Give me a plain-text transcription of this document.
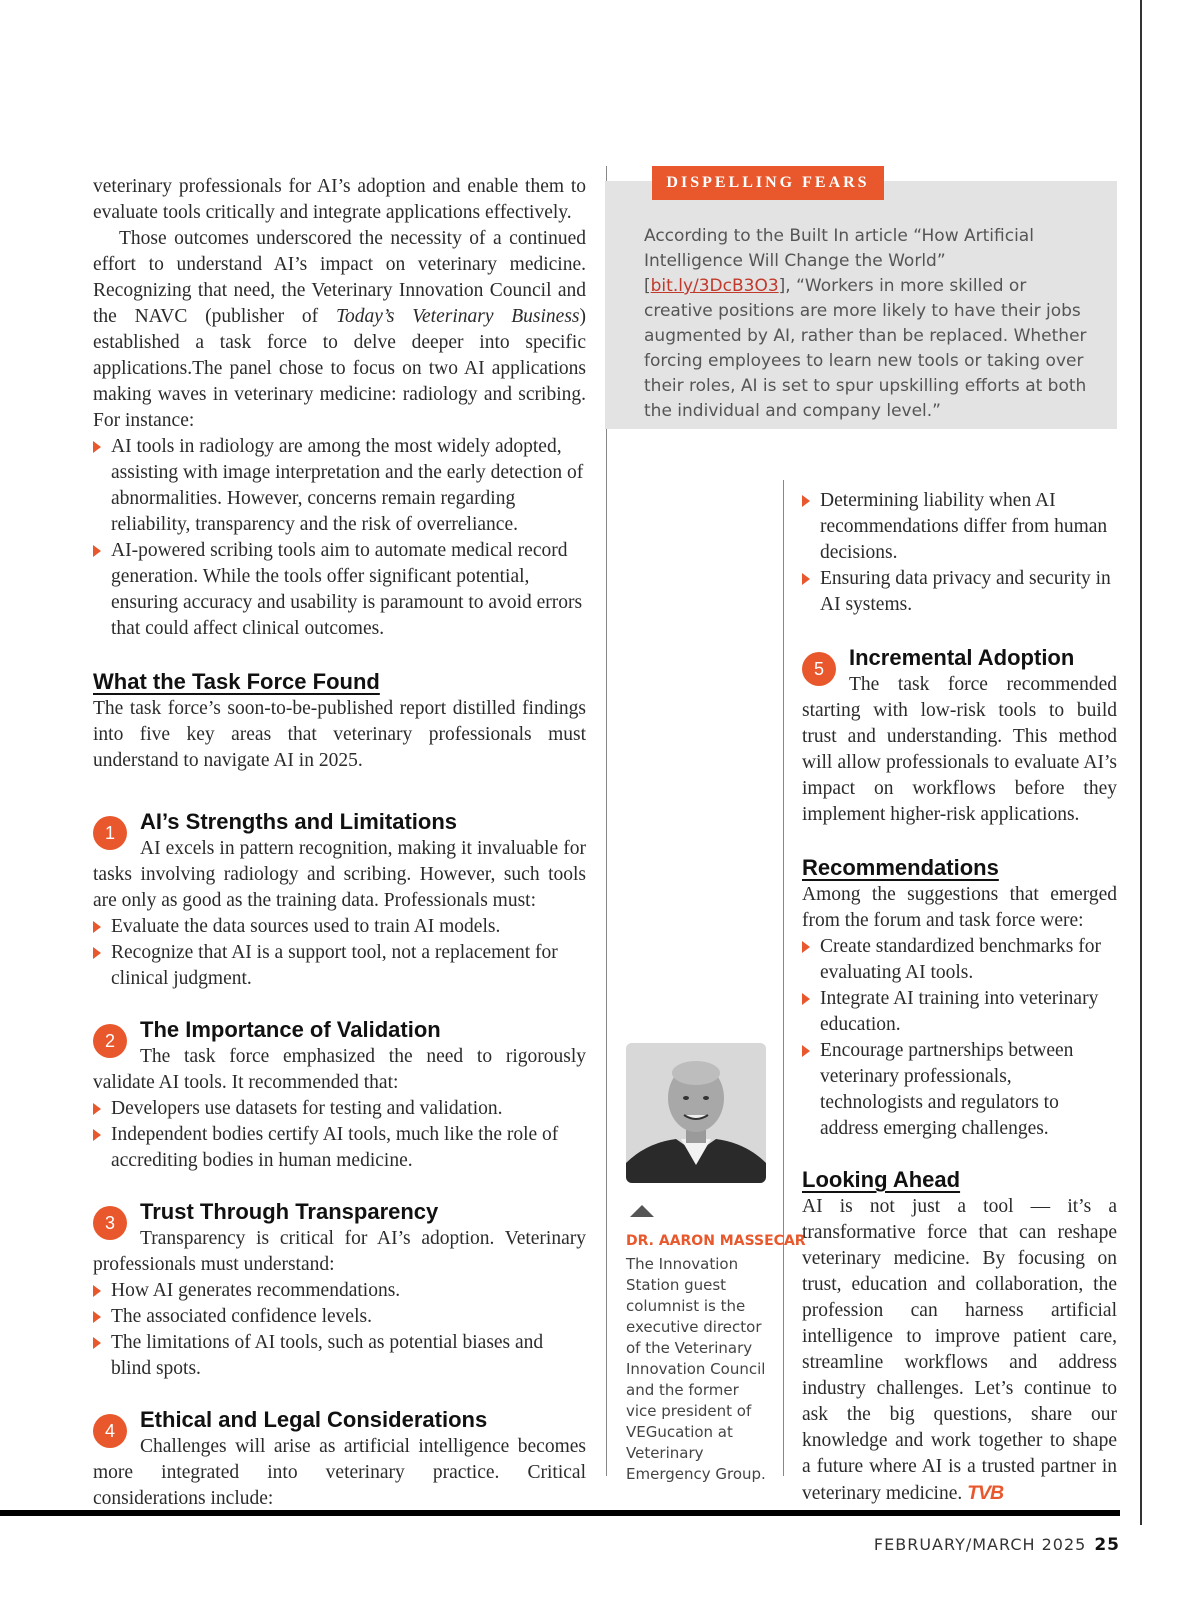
veterinary professionals for AI’s adoption and enable them to evaluate tools critically and integrate applications effectively.

Those outcomes underscored the necessity of a continued effort to understand AI’s impact on veterinary medicine. Recognizing that need, the Veterinary Innovation Council and the NAVC (publisher of Today’s Veterinary Business) established a task force to delve deeper into specific applications.The panel chose to focus on two AI applications making waves in veterinary medicine: radiology and scribing. For instance:

AI tools in radiology are among the most widely adopted, assisting with image interpretation and the early detection of abnormalities. However, concerns remain regarding reliability, transparency and the risk of overreliance.
AI-powered scribing tools aim to automate medical record generation. While the tools offer significant potential, ensuring accuracy and usability is paramount to avoid errors that could affect clinical outcomes.
What the Task Force Found

The task force’s soon-to-be-published report distilled findings into five key areas that veterinary professionals must understand to navigate AI in 2025.

1	AI’s Strengths and Limitations

AI excels in pattern recognition, making it invaluable for tasks involving radiology and scribing. However, such tools are only as good as the training data. Professionals must:

Evaluate the data sources used to train AI models.
Recognize that AI is a support tool, not a replacement for clinical judgment.
2	The Importance of Validation

The task force emphasized the need to rigorously validate AI tools. It recommended that:

Developers use datasets for testing and validation.
Independent bodies certify AI tools, much like the role of accrediting bodies in human medicine.
3	Trust Through Transparency

Transparency is critical for AI’s adoption. Veterinary professionals must understand:

How AI generates recommendations.
The associated confidence levels.
The limitations of AI tools, such as potential biases and blind spots.
4	Ethical and Legal Considerations

Challenges will arise as artificial intelligence becomes more integrated into veterinary practice. Critical considerations include:

DISPELLING FEARS
According to the Built In article “How Artificial Intelligence Will Change the World” [bit.ly/3DcB3O3], “Workers in more skilled or creative positions are more likely to have their jobs augmented by AI, rather than be replaced. Whether forcing employees to learn new tools or taking over their roles, AI is set to spur upskilling efforts at both the individual and company level.”
DR. AARON MASSECAR
The Innovation Station guest columnist is the executive director of the Veterinary Innovation Council and the former vice president of VEGucation at Veterinary Emergency Group.
Determining liability when AI recommendations differ from human decisions.
Ensuring data privacy and security in AI systems.
5	Incremental Adoption

The task force recommended starting with low-risk tools to build trust and understanding. This method will allow professionals to evaluate AI’s impact on workflows before they implement higher-risk applications.

Recommendations

Among the suggestions that emerged from the forum and task force were:

Create standardized benchmarks for evaluating AI tools.
Integrate AI training into veterinary education.
Encourage partnerships between veterinary professionals, technologists and regulators to address emerging challenges.
Looking Ahead

AI is not just a tool — it’s a transformative force that can reshape veterinary medicine. By focusing on trust, education and collaboration, the profession can harness artificial intelligence to improve patient care, streamline workflows and address industry challenges. Let’s continue to ask the big questions, share our knowledge and work together to shape a future where AI is a trusted partner in veterinary medicine. TVB

FEBRUARY/MARCH 2025 25
